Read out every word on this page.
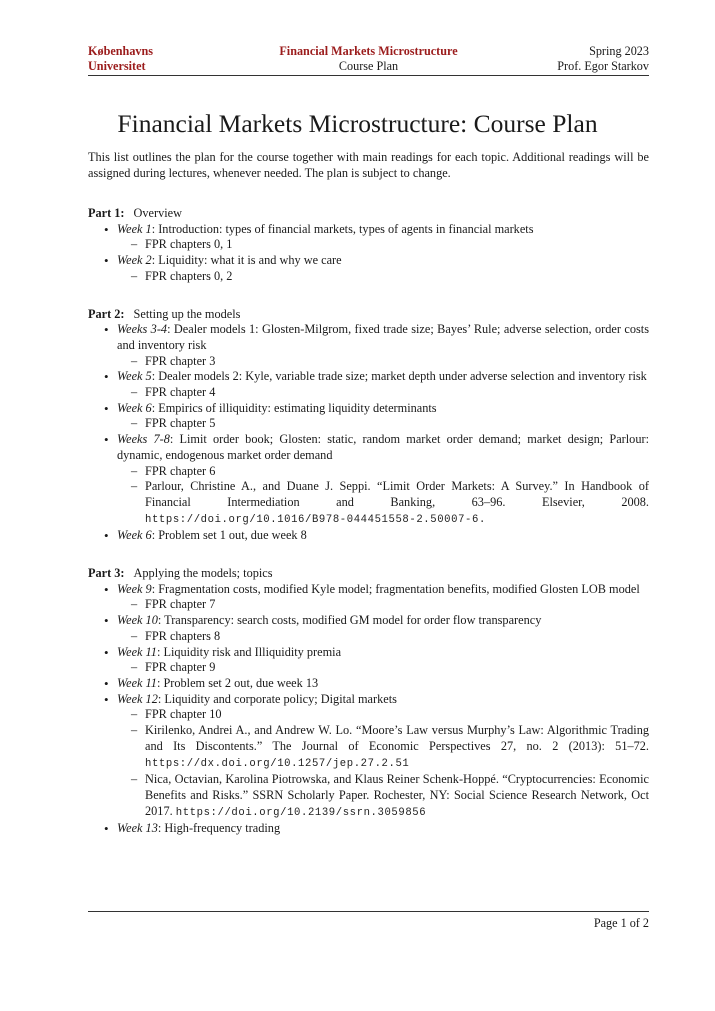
Københavns
Universitet
Financial Markets Microstructure
Course Plan
Spring 2023
Prof. Egor Starkov
Financial Markets Microstructure: Course Plan
This list outlines the plan for the course together with main readings for each topic. Additional readings will be assigned during lectures, whenever needed. The plan is subject to change.
Part 1: Overview
• Week 1: Introduction: types of financial markets, types of agents in financial markets
– FPR chapters 0, 1
• Week 2: Liquidity: what it is and why we care
– FPR chapters 0, 2
Part 2: Setting up the models
• Weeks 3-4: Dealer models 1: Glosten-Milgrom, fixed trade size; Bayes’ Rule; adverse selection, order costs and inventory risk
– FPR chapter 3
• Week 5: Dealer models 2: Kyle, variable trade size; market depth under adverse selection and inventory risk
– FPR chapter 4
• Week 6: Empirics of illiquidity: estimating liquidity determinants
– FPR chapter 5
• Weeks 7-8: Limit order book; Glosten: static, random market order demand; market design; Parlour: dynamic, endogenous market order demand
– FPR chapter 6
– Parlour, Christine A., and Duane J. Seppi. “Limit Order Markets: A Survey.” In Handbook of Financial Intermediation and Banking, 63–96. Elsevier, 2008. https://doi.org/10.1016/B978-044451558-2.50007-6.
• Week 6: Problem set 1 out, due week 8
Part 3: Applying the models; topics
• Week 9: Fragmentation costs, modified Kyle model; fragmentation benefits, modified Glosten LOB model
– FPR chapter 7
• Week 10: Transparency: search costs, modified GM model for order flow transparency
– FPR chapters 8
• Week 11: Liquidity risk and Illiquidity premia
– FPR chapter 9
• Week 11: Problem set 2 out, due week 13
• Week 12: Liquidity and corporate policy; Digital markets
– FPR chapter 10
– Kirilenko, Andrei A., and Andrew W. Lo. “Moore’s Law versus Murphy’s Law: Algorithmic Trading and Its Discontents.” The Journal of Economic Perspectives 27, no. 2 (2013): 51–72. https://dx.doi.org/10.1257/jep.27.2.51
– Nica, Octavian, Karolina Piotrowska, and Klaus Reiner Schenk-Hoppé. “Cryptocurrencies: Economic Benefits and Risks.” SSRN Scholarly Paper. Rochester, NY: Social Science Research Network, Oct 2017. https://doi.org/10.2139/ssrn.3059856
• Week 13: High-frequency trading
Page 1 of 2
